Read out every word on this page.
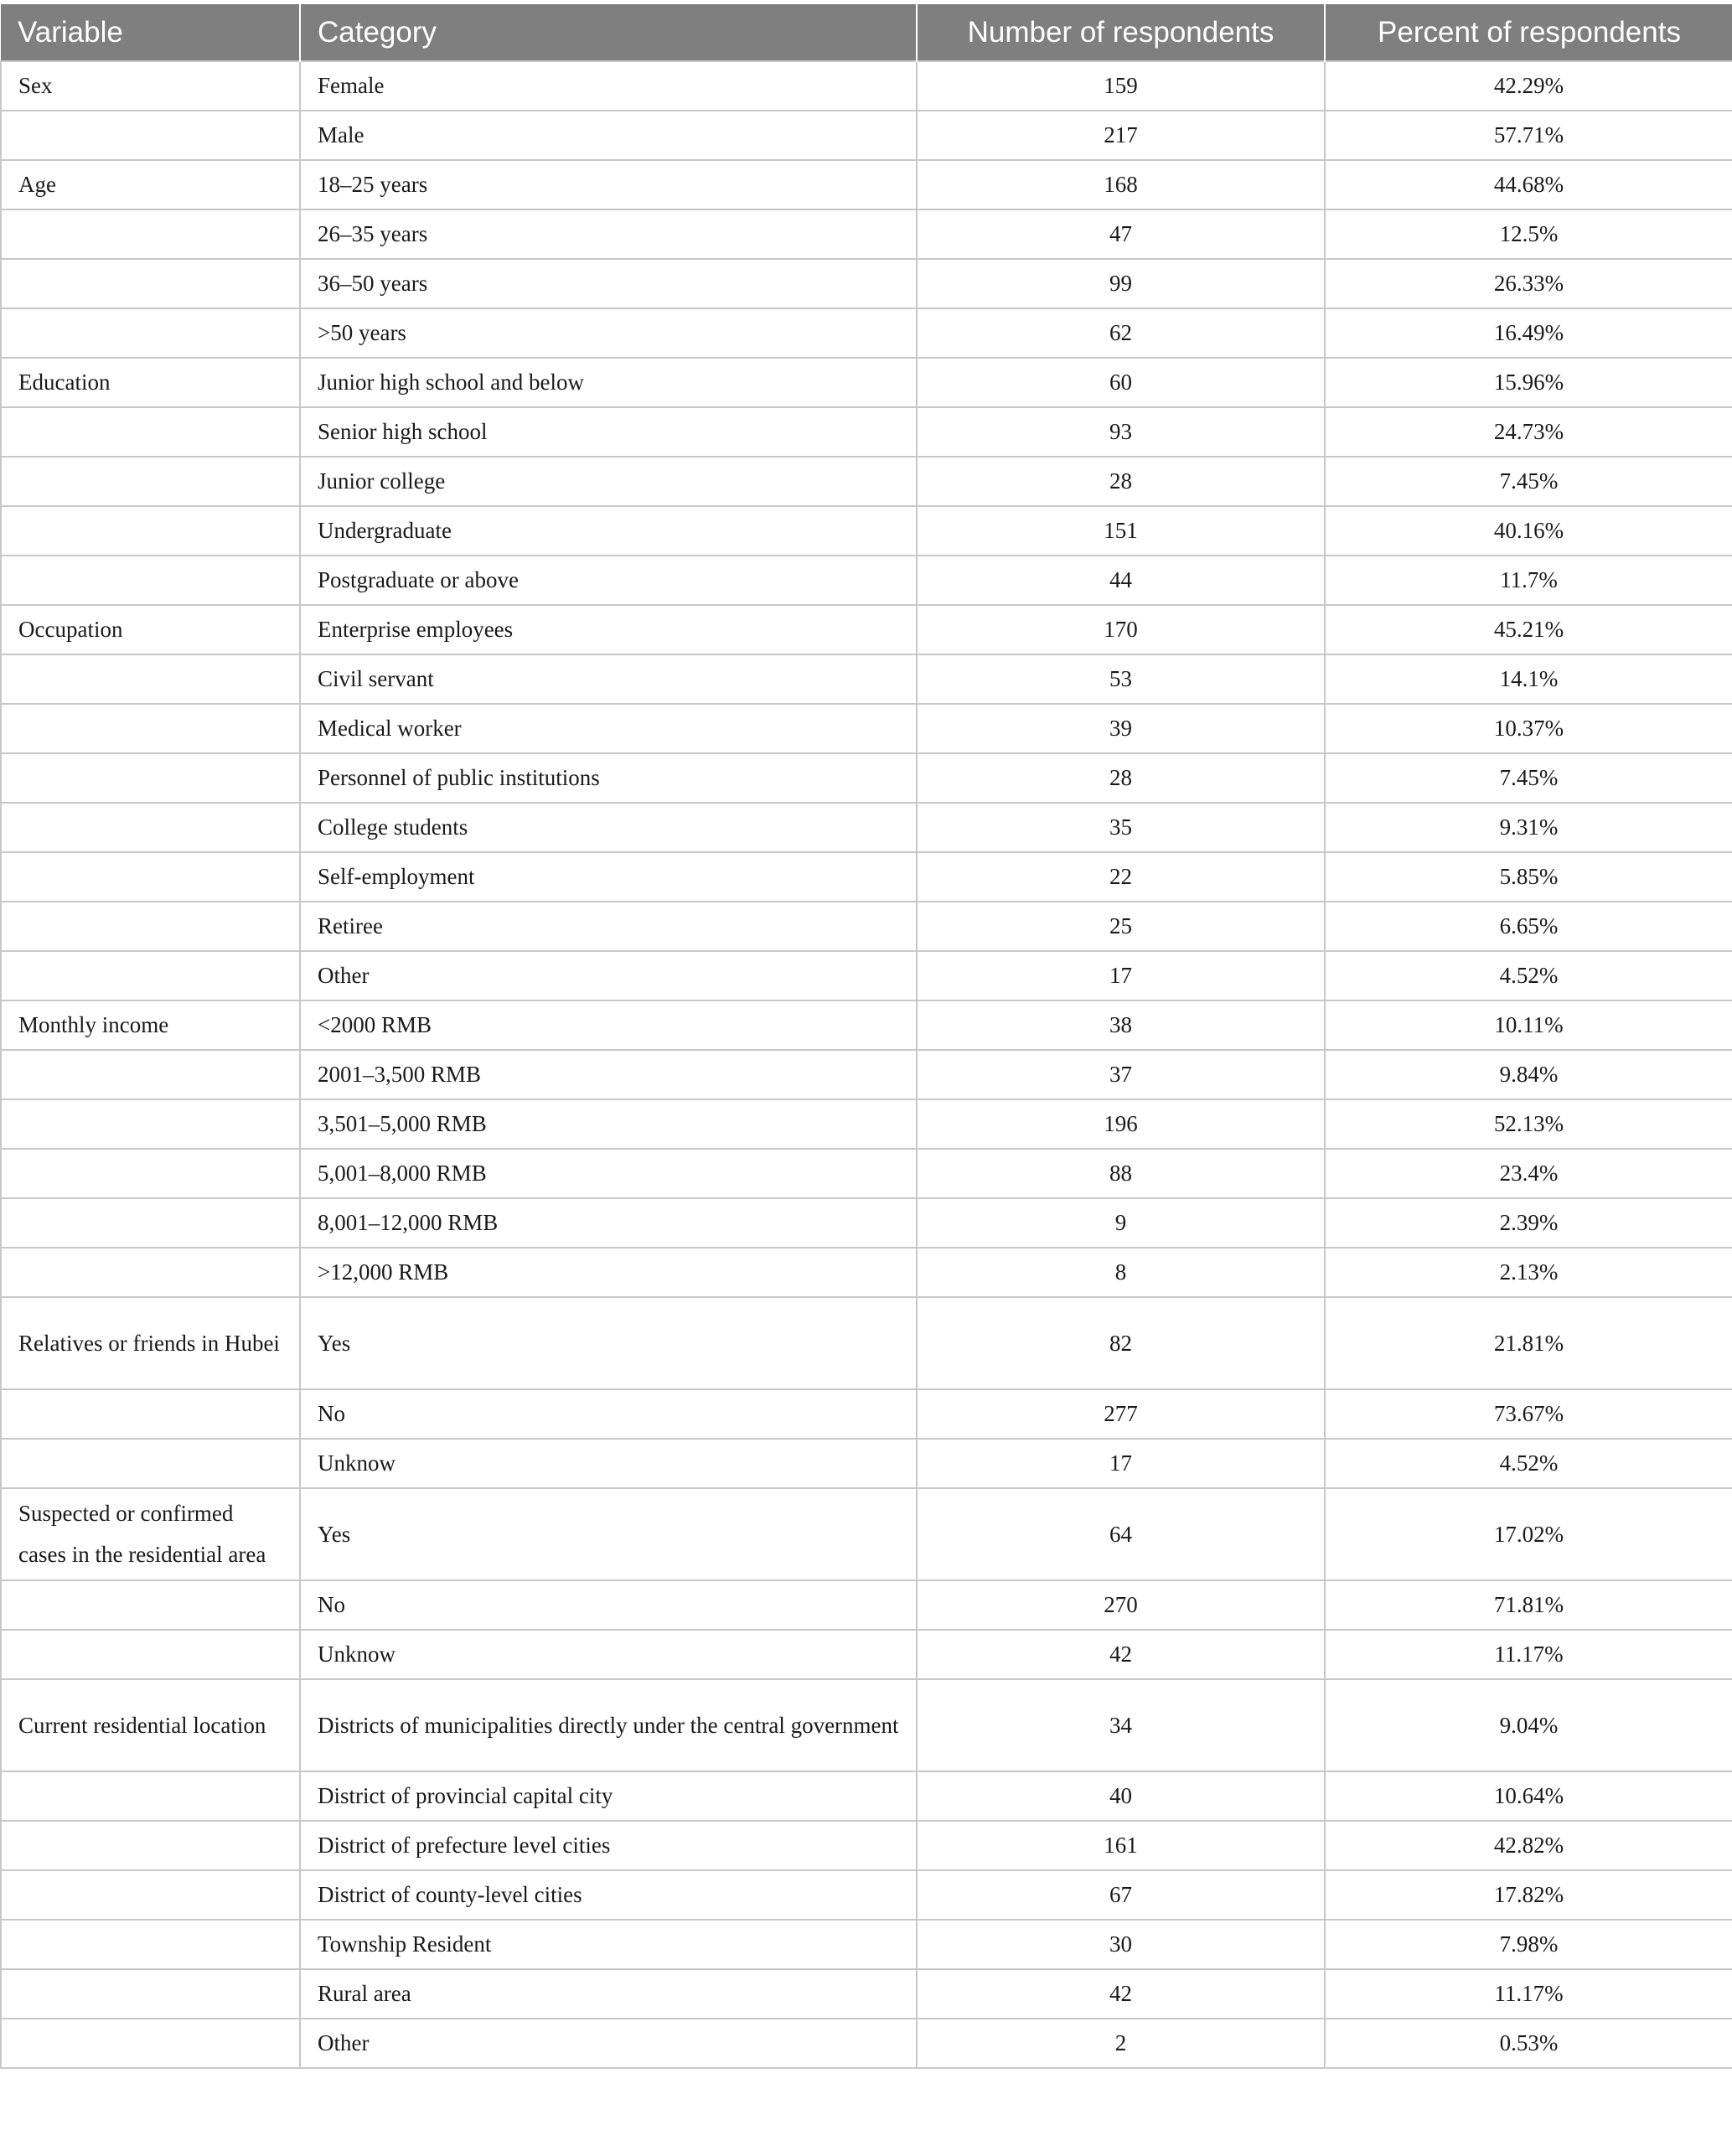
Variable	Category	Number of respondents	Percent of respondents
Sex	Female	159	42.29%
	Male	217	57.71%
Age	18–25 years	168	44.68%
	26–35 years	47	12.5%
	36–50 years	99	26.33%
	>50 years	62	16.49%
Education	Junior high school and below	60	15.96%
	Senior high school	93	24.73%
	Junior college	28	7.45%
	Undergraduate	151	40.16%
	Postgraduate or above	44	11.7%
Occupation	Enterprise employees	170	45.21%
	Civil servant	53	14.1%
	Medical worker	39	10.37%
	Personnel of public institutions	28	7.45%
	College students	35	9.31%
	Self-employment	22	5.85%
	Retiree	25	6.65%
	Other	17	4.52%
Monthly income	<2000 RMB	38	10.11%
	2001–3,500 RMB	37	9.84%
	3,501–5,000 RMB	196	52.13%
	5,001–8,000 RMB	88	23.4%
	8,001–12,000 RMB	9	2.39%
	>12,000 RMB	8	2.13%
Relatives or friends in Hubei	Yes	82	21.81%
	No	277	73.67%
	Unknow	17	4.52%
Suspected or confirmed cases in the residential area	Yes	64	17.02%
	No	270	71.81%
	Unknow	42	11.17%
Current residential location	Districts of municipalities directly under the central government	34	9.04%
	District of provincial capital city	40	10.64%
	District of prefecture level cities	161	42.82%
	District of county-level cities	67	17.82%
	Township Resident	30	7.98%
	Rural area	42	11.17%
	Other	2	0.53%
